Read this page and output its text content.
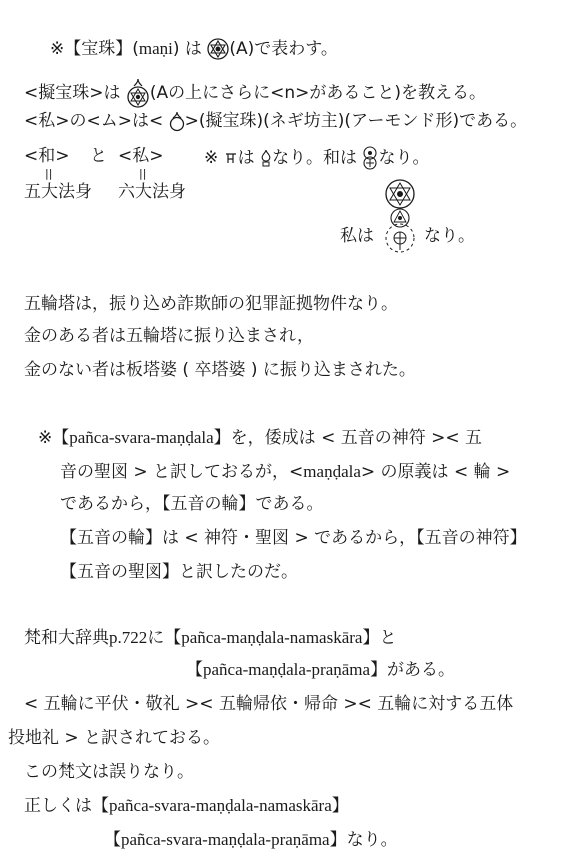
※【宝珠】(maṇi) は (A)で表わす。
<擬宝珠>は (Aの上にさらに<n>があること)を教える。
<私>の<ム>は< >(擬宝珠)(ネギ坊主)(アーモンド形)である。
<和> と <私> ※ は なり。和は なり。
||	||
五大法身 六大法身
私は	なり。
五輪塔は，振り込め詐欺師の犯罪証拠物件なり。
金のある者は五輪塔に振り込まされ，
金のない者は板塔婆 ( 卒塔婆 ) に振り込まされた。
※【pañca-svara-maṇḍala】を，倭成は < 五音の神符 >< 五
音の聖図 > と訳しておるが，<maṇḍala> の原義は < 輪 >
であるから，【五音の輪】である。
【五音の輪】は < 神符・聖図 > であるから，【五音の神符】
【五音の聖図】と訳したのだ。
梵和大辞典p.722に【pañca-maṇḍala-namaskāra】と
【pañca-maṇḍala-praṇāma】がある。
< 五輪に平伏・敬礼 >< 五輪帰依・帰命 >< 五輪に対する五体
投地礼 > と訳されておる。
この梵文は誤りなり。
正しくは【pañca-svara-maṇḍala-namaskāra】
【pañca-svara-maṇḍala-praṇāma】なり。
